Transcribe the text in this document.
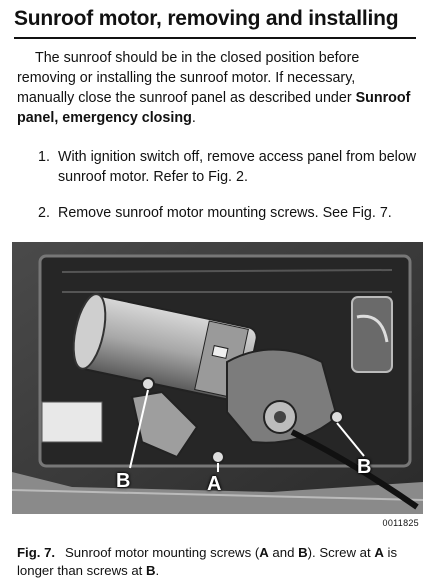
Sunroof motor, removing and installing
The sunroof should be in the closed position before removing or installing the sunroof motor. If necessary, manually close the sunroof panel as described under Sunroof panel, emergency closing.
1. With ignition switch off, remove access panel from below sunroof motor. Refer to Fig. 2.
2. Remove sunroof motor mounting screws. See Fig. 7.
B	A
B
0011825
Fig. 7. Sunroof motor mounting screws (A and B). Screw at A is longer than screws at B.
